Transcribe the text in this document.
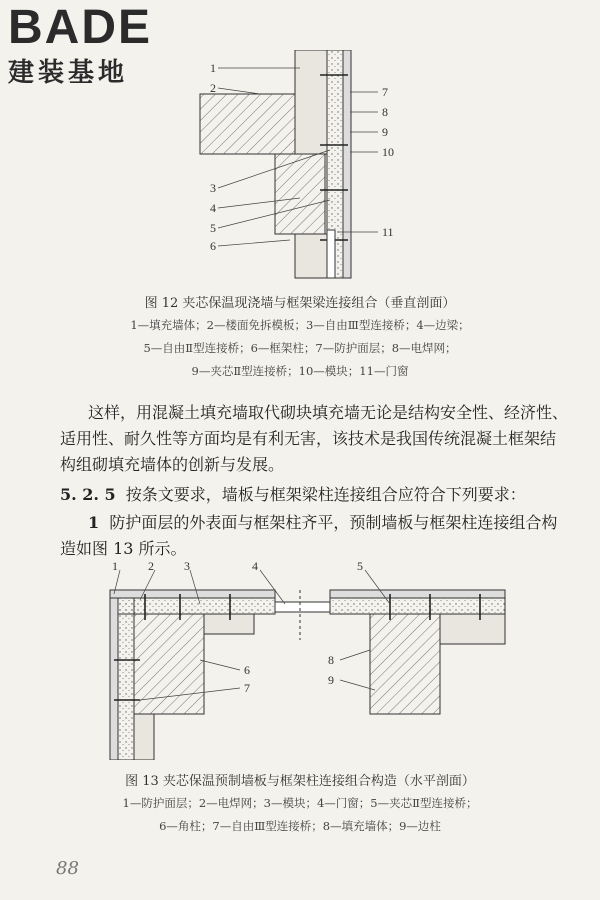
BADE
建装基地	1
2
3
4
5
6
7
8
9
10
11
图 12 夹芯保温现浇墙与框架梁连接组合（垂直剖面）
1—填充墙体；2—楼面免拆模板；3—自由Ⅲ型连接桥；4—边梁；
5—自由Ⅱ型连接桥；6—框架柱；7—防护面层；8—电焊网；
9—夹芯Ⅱ型连接桥；10—模块；11—门窗
这样，用混凝土填充墙取代砌块填充墙无论是结构安全性、经济性、适用性、耐久性等方面均是有利无害，该技术是我国传统混凝土框架结构组砌填充墙体的创新与发展。
5. 2. 5 按条文要求，墙板与框架梁柱连接组合应符合下列要求：
1 防护面层的外表面与框架柱齐平，预制墙板与框架柱连接组合构造如图 13 所示。
1	2	3	4	5
6
7
8
9
图 13 夹芯保温预制墙板与框架柱连接组合构造（水平剖面）
1—防护面层；2—电焊网；3—模块；4—门窗；5—夹芯Ⅱ型连接桥；
6—角柱；7—自由Ⅲ型连接桥；8—填充墙体；9—边柱
88
